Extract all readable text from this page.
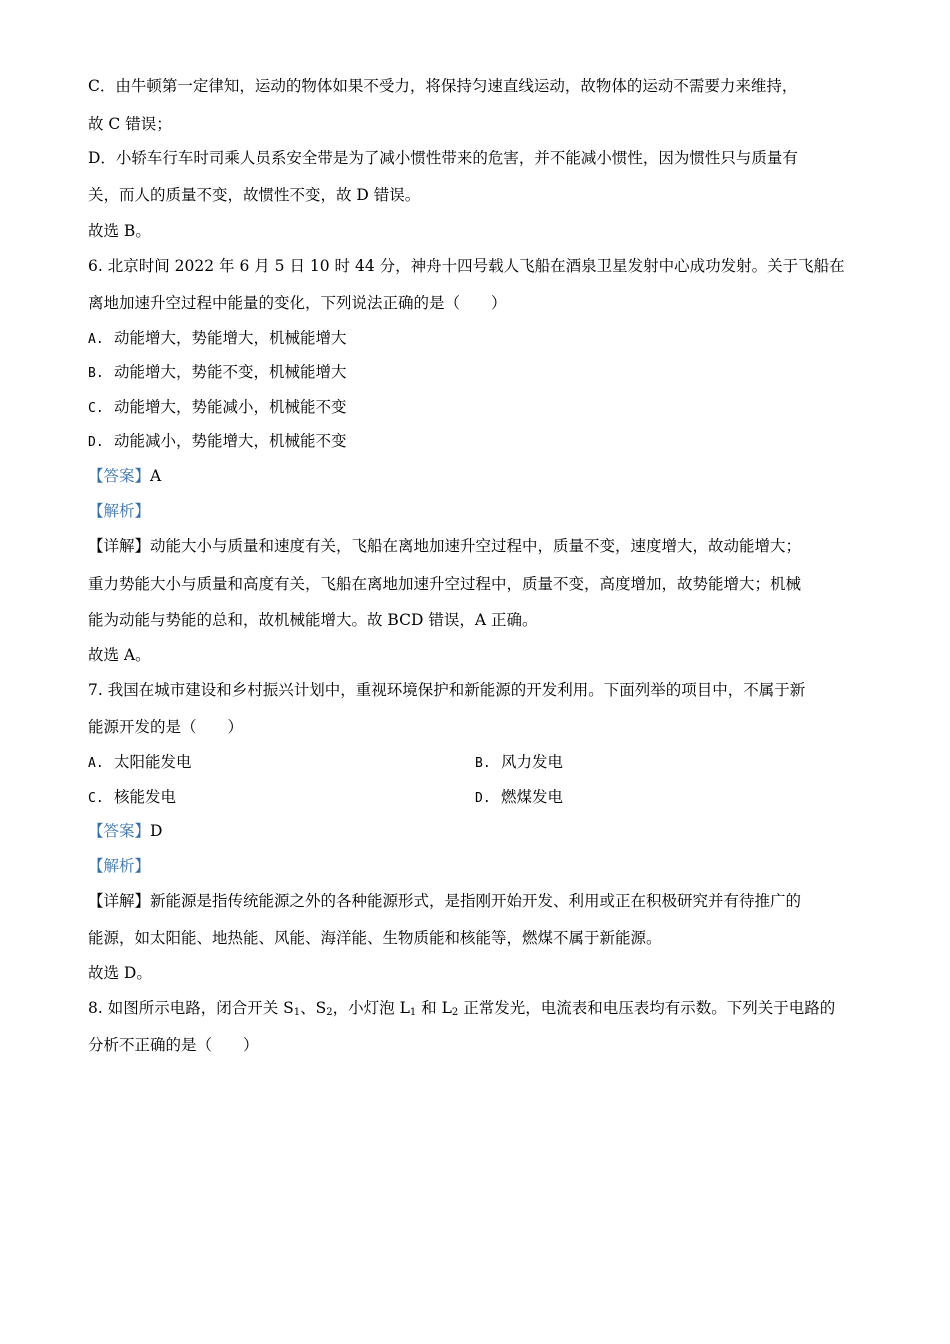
C．由牛顿第一定律知，运动的物体如果不受力，将保持匀速直线运动，故物体的运动不需要力来维持，
故 C 错误；
D．小轿车行车时司乘人员系安全带是为了减小惯性带来的危害，并不能减小惯性，因为惯性只与质量有
关，而人的质量不变，故惯性不变，故 D 错误。
故选 B。
6. 北京时间 2022 年 6 月 5 日 10 时 44 分，神舟十四号载人飞船在酒泉卫星发射中心成功发射。关于飞船在
离地加速升空过程中能量的变化，下列说法正确的是（　　）
A. 动能增大，势能增大，机械能增大
B. 动能增大，势能不变，机械能增大
C. 动能增大，势能减小，机械能不变
D. 动能减小，势能增大，机械能不变
【答案】A
【解析】
【详解】动能大小与质量和速度有关，飞船在离地加速升空过程中，质量不变，速度增大，故动能增大；
重力势能大小与质量和高度有关，飞船在离地加速升空过程中，质量不变，高度增加，故势能增大；机械
能为动能与势能的总和，故机械能增大。故 BCD 错误，A 正确。
故选 A。
7. 我国在城市建设和乡村振兴计划中，重视环境保护和新能源的开发利用。下面列举的项目中，不属于新
能源开发的是（　　）
A. 太阳能发电	B. 风力发电
C. 核能发电	D. 燃煤发电
【答案】D
【解析】
【详解】新能源是指传统能源之外的各种能源形式，是指刚开始开发、利用或正在积极研究并有待推广的
能源，如太阳能、地热能、风能、海洋能、生物质能和核能等，燃煤不属于新能源。
故选 D。
8. 如图所示电路，闭合开关 $S_1$、$S_2$，小灯泡 $L_1$ 和 $L_2$ 正常发光，电流表和电压表均有示数。下列关于电路的
分析不正确的是（　　）
